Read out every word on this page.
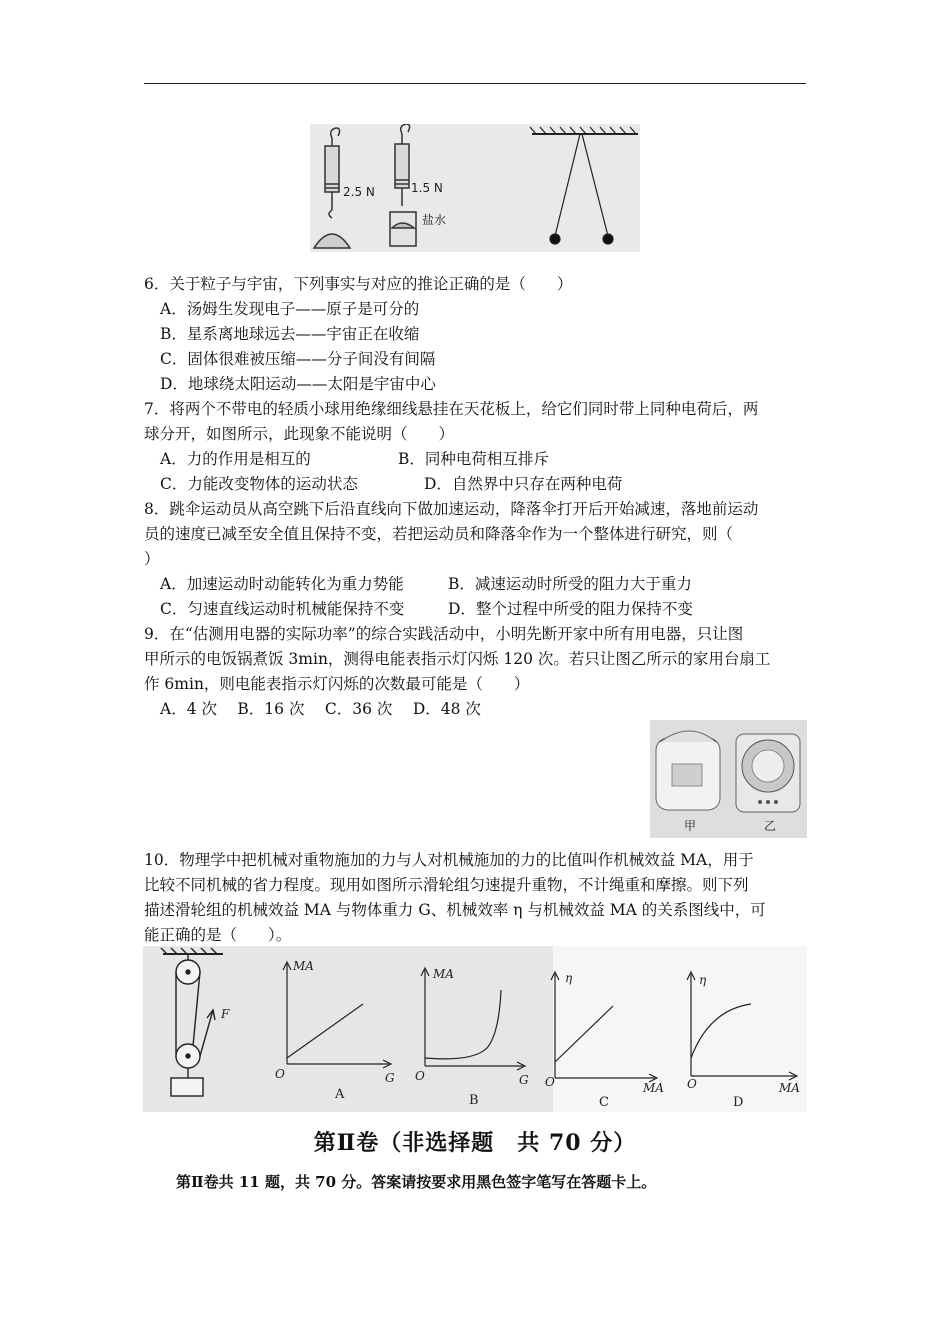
2.5 N	1.5 N
盐水
6．关于粒子与宇宙，下列事实与对应的推论正确的是（　　）
A．汤姆生发现电子——原子是可分的
B．星系离地球远去——宇宙正在收缩
C．固体很难被压缩——分子间没有间隔
D．地球绕太阳运动——太阳是宇宙中心
7．将两个不带电的轻质小球用绝缘细线悬挂在天花板上，给它们同时带上同种电荷后，两
球分开，如图所示，此现象不能说明（　　）
A．力的作用是相互的	B．同种电荷相互排斥
C．力能改变物体的运动状态	D．自然界中只存在两种电荷
8．跳伞运动员从高空跳下后沿直线向下做加速运动，降落伞打开后开始减速，落地前运动
员的速度已减至安全值且保持不变，若把运动员和降落伞作为一个整体进行研究，则（
）
A．加速运动时动能转化为重力势能	B．减速运动时所受的阻力大于重力
C．匀速直线运动时机械能保持不变	D．整个过程中所受的阻力保持不变
9．在“估测用电器的实际功率”的综合实践活动中，小明先断开家中所有用电器，只让图
甲所示的电饭锅煮饭 3min，测得电能表指示灯闪烁 120 次。若只让图乙所示的家用台扇工
作 6min，则电能表指示灯闪烁的次数最可能是（　　）
A．4 次　 B．16 次　 C．36 次　 D．48 次
甲	乙
10．物理学中把机械对重物施加的力与人对机械施加的力的比值叫作机械效益 MA，用于
比较不同机械的省力程度。现用如图所示滑轮组匀速提升重物，不计绳重和摩擦。则下列
描述滑轮组的机械效益 MA 与物体重力 G、机械效率 η 与机械效益 MA 的关系图线中，可
能正确的是（　　）。
F
MA
G
O
A
MA
G
O
B
η
MA
O
C
η
MA
O
D
第Ⅱ卷（非选择题　共 70 分）
第Ⅱ卷共 11 题，共 70 分。答案请按要求用黑色签字笔写在答题卡上。
